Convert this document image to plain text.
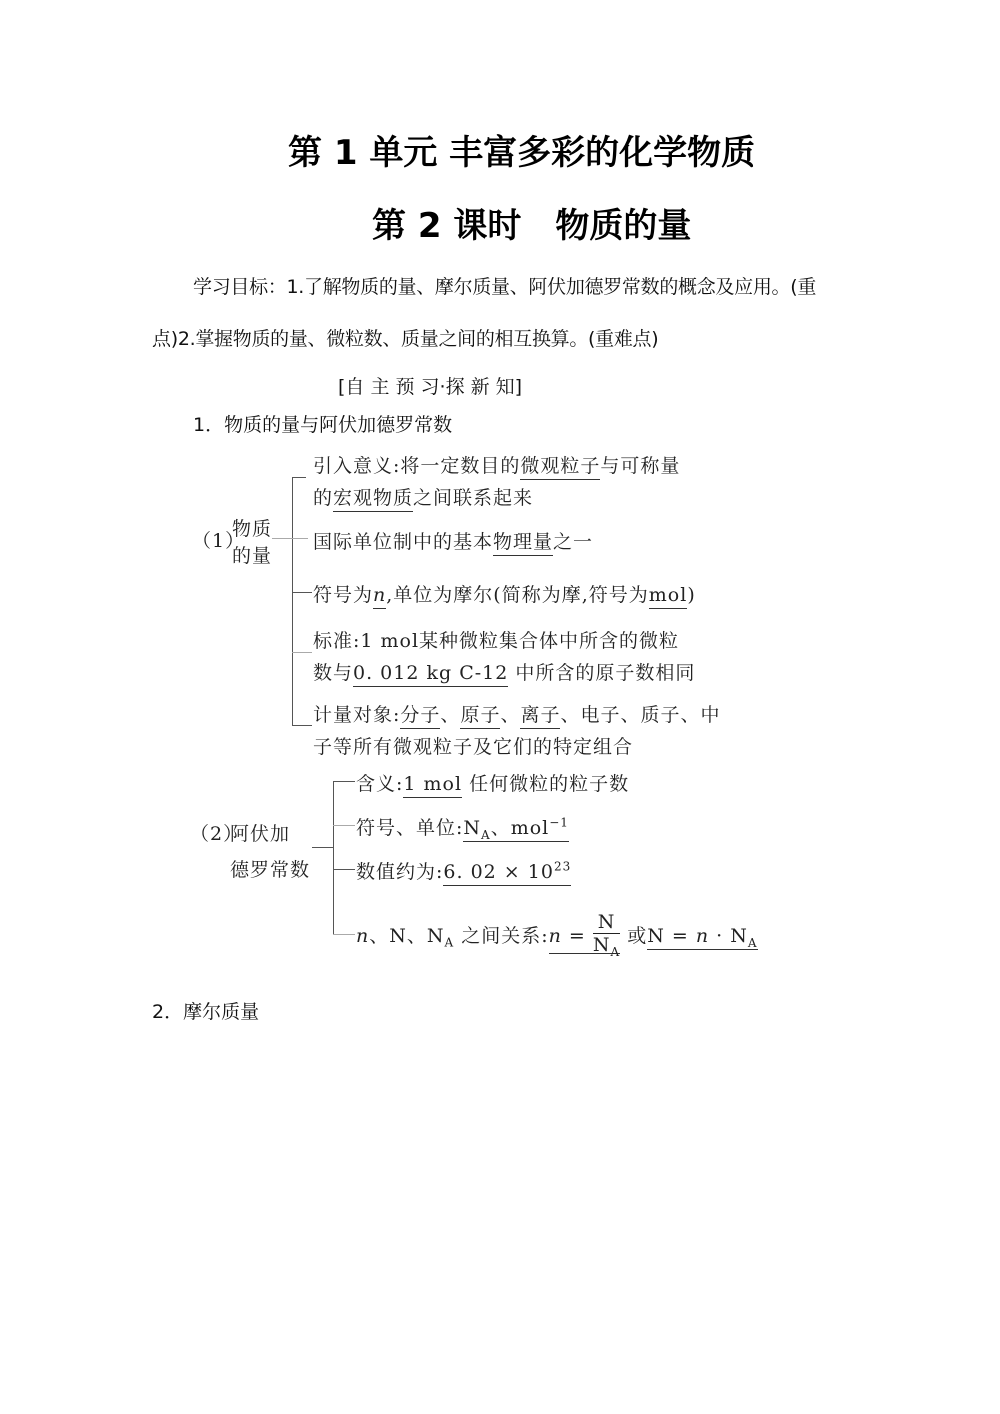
第 1 单元 丰富多彩的化学物质
第 2 课时　物质的量
学习目标：1.了解物质的量、摩尔质量、阿伏加德罗常数的概念及应用。(重
点)2.掌握物质的量、微粒数、质量之间的相互换算。(重难点)
[自 主 预 习·探 新 知]
1．物质的量与阿伏加德罗常数
（1）
物质
的量
引入意义:将一定数目的微观粒子与可称量
的宏观物质之间联系起来
国际单位制中的基本物理量之一
符号为n,单位为摩尔(简称为摩,符号为mol)
标准:1 mol某种微粒集合体中所含的微粒
数与0. 012 kg C-12 中所含的原子数相同
计量对象:分子、原子、离子、电子、质子、中
子等所有微观粒子及它们的特定组合
（2）
阿伏加
德罗常数
含义:1 mol 任何微粒的粒子数
符号、单位$:N_A$、mol$^{-1}$
数值约为:6. $02 \times 10^{23}$
n、N、$N_A$ 之间关系:n = $\frac{N}{N_A}$ 或$N = n \cdot N_A$
2．摩尔质量
